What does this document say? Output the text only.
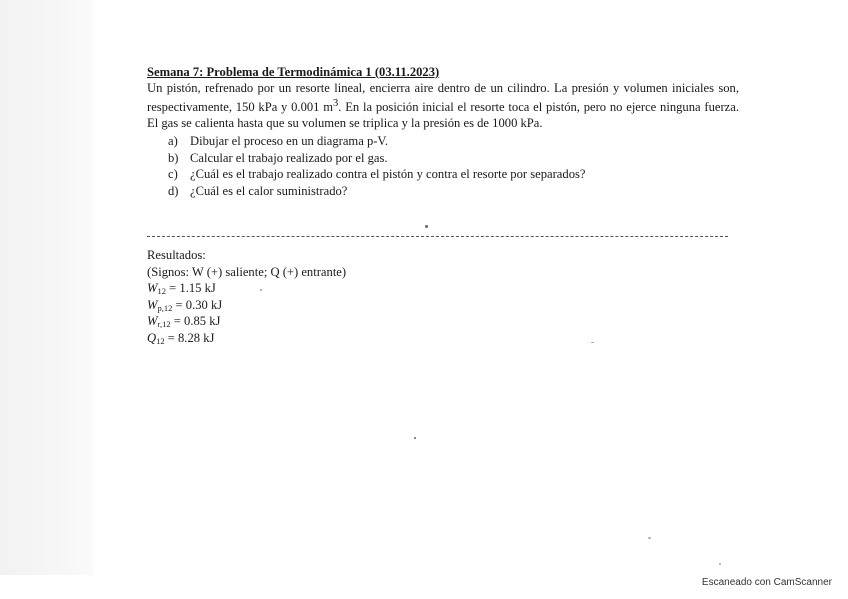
Semana 7: Problema de Termodinámica 1 (03.11.2023)

Un pistón, refrenado por un resorte lineal, encierra aire dentro de un cilindro. La presión y volumen iniciales son, respectivamente, 150 kPa y 0.001 $m^3$. En la posición inicial el resorte toca el pistón, pero no ejerce ninguna fuerza. El gas se calienta hasta que su volumen se triplica y la presión es de 1000 kPa.

a) Dibujar el proceso en un diagrama p-V.
b) Calcular el trabajo realizado por el gas.
c) ¿Cuál es el trabajo realizado contra el pistón y contra el resorte por separados?
d) ¿Cuál es el calor suministrado?

Resultados:

(Signos: W (+) saliente; Q (+) entrante)

$W_{12} = 1.15$ kJ

$W_{p,12} = 0.30$ kJ

$W_{r,12} = 0.85$ kJ

$Q_{12} = 8.28$ kJ

Escaneado con CamScanner
